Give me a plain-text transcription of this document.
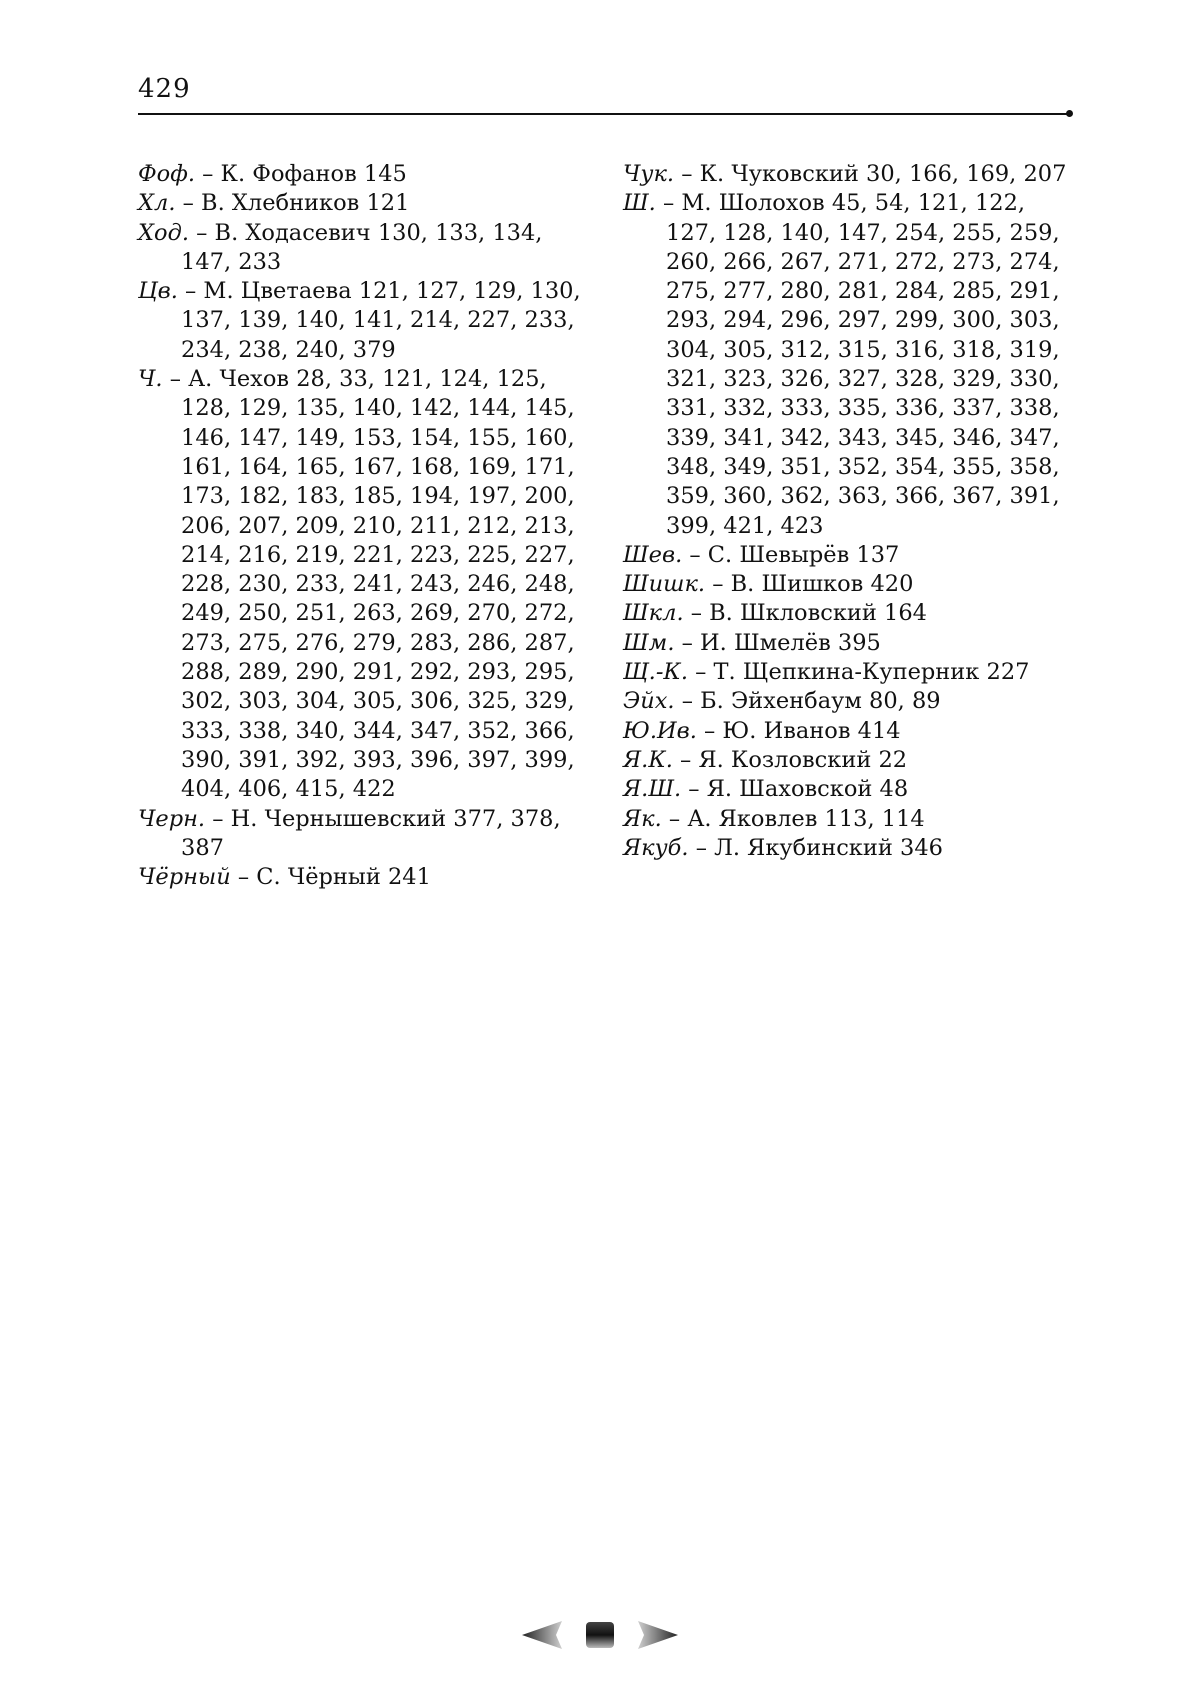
429
Фоф. – К. Фофанов 145
Хл. – В. Хлебников 121
Ход. – В. Ходасевич 130, 133, 134, 147, 233
Цв. – М. Цветаева 121, 127, 129, 130, 137, 139, 140, 141, 214, 227, 233, 234, 238, 240, 379
Ч. – А. Чехов 28, 33, 121, 124, 125, 128, 129, 135, 140, 142, 144, 145, 146, 147, 149, 153, 154, 155, 160, 161, 164, 165, 167, 168, 169, 171, 173, 182, 183, 185, 194, 197, 200, 206, 207, 209, 210, 211, 212, 213, 214, 216, 219, 221, 223, 225, 227, 228, 230, 233, 241, 243, 246, 248, 249, 250, 251, 263, 269, 270, 272, 273, 275, 276, 279, 283, 286, 287, 288, 289, 290, 291, 292, 293, 295, 302, 303, 304, 305, 306, 325, 329, 333, 338, 340, 344, 347, 352, 366, 390, 391, 392, 393, 396, 397, 399, 404, 406, 415, 422
Черн. – Н. Чернышевский 377, 378, 387
Чёрный – С. Чёрный 241
Чук. – К. Чуковский 30, 166, 169, 207
Ш. – М. Шолохов 45, 54, 121, 122, 127, 128, 140, 147, 254, 255, 259, 260, 266, 267, 271, 272, 273, 274, 275, 277, 280, 281, 284, 285, 291, 293, 294, 296, 297, 299, 300, 303, 304, 305, 312, 315, 316, 318, 319, 321, 323, 326, 327, 328, 329, 330, 331, 332, 333, 335, 336, 337, 338, 339, 341, 342, 343, 345, 346, 347, 348, 349, 351, 352, 354, 355, 358, 359, 360, 362, 363, 366, 367, 391, 399, 421, 423
Шев. – С. Шевырёв 137
Шишк. – В. Шишков 420
Шкл. – В. Шкловский 164
Шм. – И. Шмелёв 395
Щ.-К. – Т. Щепкина-Куперник 227
Эйх. – Б. Эйхенбаум 80, 89
Ю.Ив. – Ю. Иванов 414
Я.К. – Я. Козловский 22
Я.Ш. – Я. Шаховской 48
Як. – А. Яковлев 113, 114
Якуб. – Л. Якубинский 346
